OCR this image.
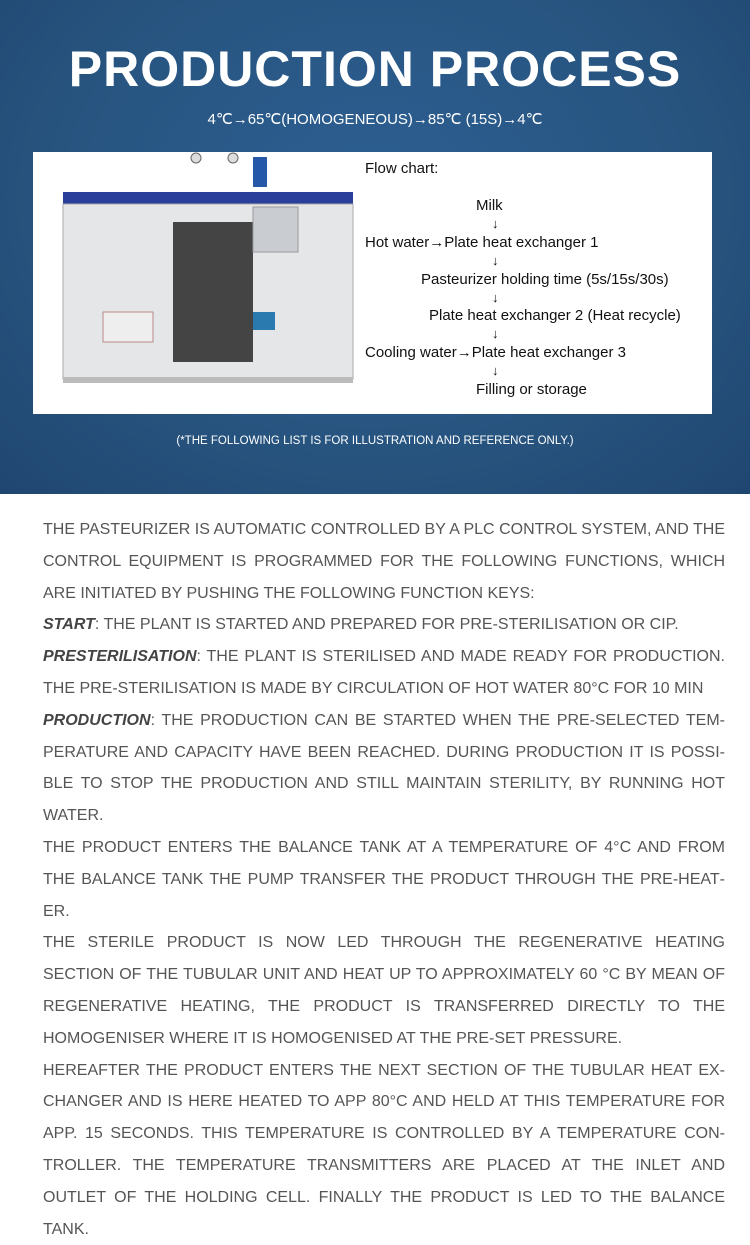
PRODUCTION PROCESS
4℃→65℃(HOMOGENEOUS)→85℃ (15S)→4℃
Flow chart:
Milk
↓
Hot water→Plate heat exchanger 1
↓
Pasteurizer holding time (5s/15s/30s)
↓
Plate heat exchanger 2 (Heat recycle)
↓
Cooling water→Plate heat exchanger 3
↓
Filling or storage
(*THE FOLLOWING LIST IS FOR ILLUSTRATION AND REFERENCE ONLY.)

THE PASTEURIZER IS AUTOMATIC CONTROLLED BY A PLC CONTROL SYSTEM, AND THE CONTROL EQUIPMENT IS PROGRAMMED FOR THE FOLLOWING FUNCTIONS, WHICH ARE INITIATED BY PUSHING THE FOLLOWING FUNCTION KEYS:

START: THE PLANT IS STARTED AND PREPARED FOR PRE-STERILISATION OR CIP.

PRESTERILISATION: THE PLANT IS STERILISED AND MADE READY FOR PRODUCTION. THE PRE-STERILISATION IS MADE BY CIRCULATION OF HOT WATER 80°C FOR 10 MIN

PRODUCTION: THE PRODUCTION CAN BE STARTED WHEN THE PRE-SELECTED TEMPERATURE AND CAPACITY HAVE BEEN REACHED. DURING PRODUCTION IT IS POSSIBLE TO STOP THE PRODUCTION AND STILL MAINTAIN STERILITY, BY RUNNING HOT WATER.

THE PRODUCT ENTERS THE BALANCE TANK AT A TEMPERATURE OF 4°C AND FROM THE BALANCE TANK THE PUMP TRANSFER THE PRODUCT THROUGH THE PRE-HEATER.

THE STERILE PRODUCT IS NOW LED THROUGH THE REGENERATIVE HEATING SECTION OF THE TUBULAR UNIT AND HEAT UP TO APPROXIMATELY 60 °C BY MEAN OF REGENERATIVE HEATING, THE PRODUCT IS TRANSFERRED DIRECTLY TO THE HOMOGENISER WHERE IT IS HOMOGENISED AT THE PRE-SET PRESSURE.

HEREAFTER THE PRODUCT ENTERS THE NEXT SECTION OF THE TUBULAR HEAT EXCHANGER AND IS HERE HEATED TO APP 80°C AND HELD AT THIS TEMPERATURE FOR APP. 15 SECONDS. THIS TEMPERATURE IS CONTROLLED BY A TEMPERATURE CONTROLLER. THE TEMPERATURE TRANSMITTERS ARE PLACED AT THE INLET AND OUTLET OF THE HOLDING CELL. FINALLY THE PRODUCT IS LED TO THE BALANCE TANK.
